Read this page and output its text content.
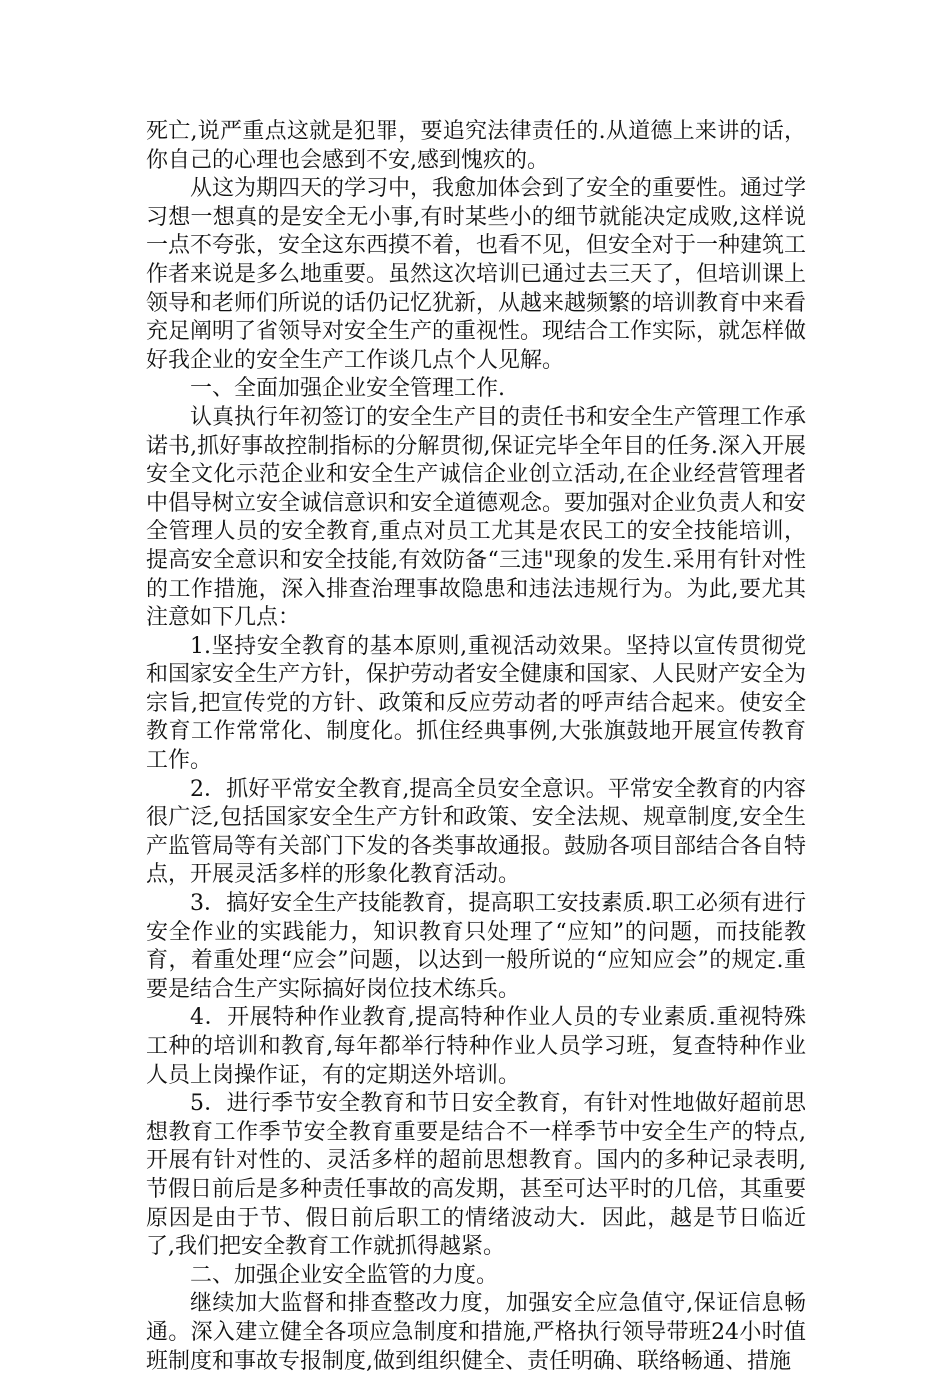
死亡,说严重点这就是犯罪，要追究法律责任的.从道德上来讲的话，你自己的心理也会感到不安,感到愧疚的。

从这为期四天的学习中，我愈加体会到了安全的重要性。通过学习想一想真的是安全无小事,有时某些小的细节就能决定成败,这样说一点不夸张，安全这东西摸不着，也看不见，但安全对于一种建筑工作者来说是多么地重要。虽然这次培训已通过去三天了，但培训课上领导和老师们所说的话仍记忆犹新，从越来越频繁的培训教育中来看充足阐明了省领导对安全生产的重视性。现结合工作实际，就怎样做好我企业的安全生产工作谈几点个人见解。

一、全面加强企业安全管理工作.

认真执行年初签订的安全生产目的责任书和安全生产管理工作承诺书,抓好事故控制指标的分解贯彻,保证完毕全年目的任务.深入开展安全文化示范企业和安全生产诚信企业创立活动,在企业经营管理者中倡导树立安全诚信意识和安全道德观念。要加强对企业负责人和安全管理人员的安全教育,重点对员工尤其是农民工的安全技能培训，提高安全意识和安全技能,有效防备“三违"现象的发生.采用有针对性的工作措施，深入排查治理事故隐患和违法违规行为。为此,要尤其注意如下几点：

1.坚持安全教育的基本原则,重视活动效果。坚持以宣传贯彻党和国家安全生产方针，保护劳动者安全健康和国家、人民财产安全为宗旨,把宣传党的方针、政策和反应劳动者的呼声结合起来。使安全教育工作常常化、制度化。抓住经典事例,大张旗鼓地开展宣传教育工作。

2．抓好平常安全教育,提高全员安全意识。平常安全教育的内容很广泛,包括国家安全生产方针和政策、安全法规、规章制度,安全生产监管局等有关部门下发的各类事故通报。鼓励各项目部结合各自特点，开展灵活多样的形象化教育活动。

3．搞好安全生产技能教育，提高职工安技素质.职工必须有进行安全作业的实践能力，知识教育只处理了“应知”的问题，而技能教育，着重处理“应会”问题，以达到一般所说的“应知应会”的规定.重要是结合生产实际搞好岗位技术练兵。

4．开展特种作业教育,提高特种作业人员的专业素质.重视特殊工种的培训和教育,每年都举行特种作业人员学习班，复查特种作业人员上岗操作证，有的定期送外培训。

5．进行季节安全教育和节日安全教育，有针对性地做好超前思想教育工作季节安全教育重要是结合不一样季节中安全生产的特点,开展有针对性的、灵活多样的超前思想教育。国内的多种记录表明,节假日前后是多种责任事故的高发期，甚至可达平时的几倍，其重要原因是由于节、假日前后职工的情绪波动大．因此，越是节日临近了,我们把安全教育工作就抓得越紧。

二、加强企业安全监管的力度。

继续加大监督和排查整改力度，加强安全应急值守,保证信息畅通。深入建立健全各项应急制度和措施,严格执行领导带班24小时值班制度和事故专报制度,做到组织健全、责任明确、联络畅通、措施
